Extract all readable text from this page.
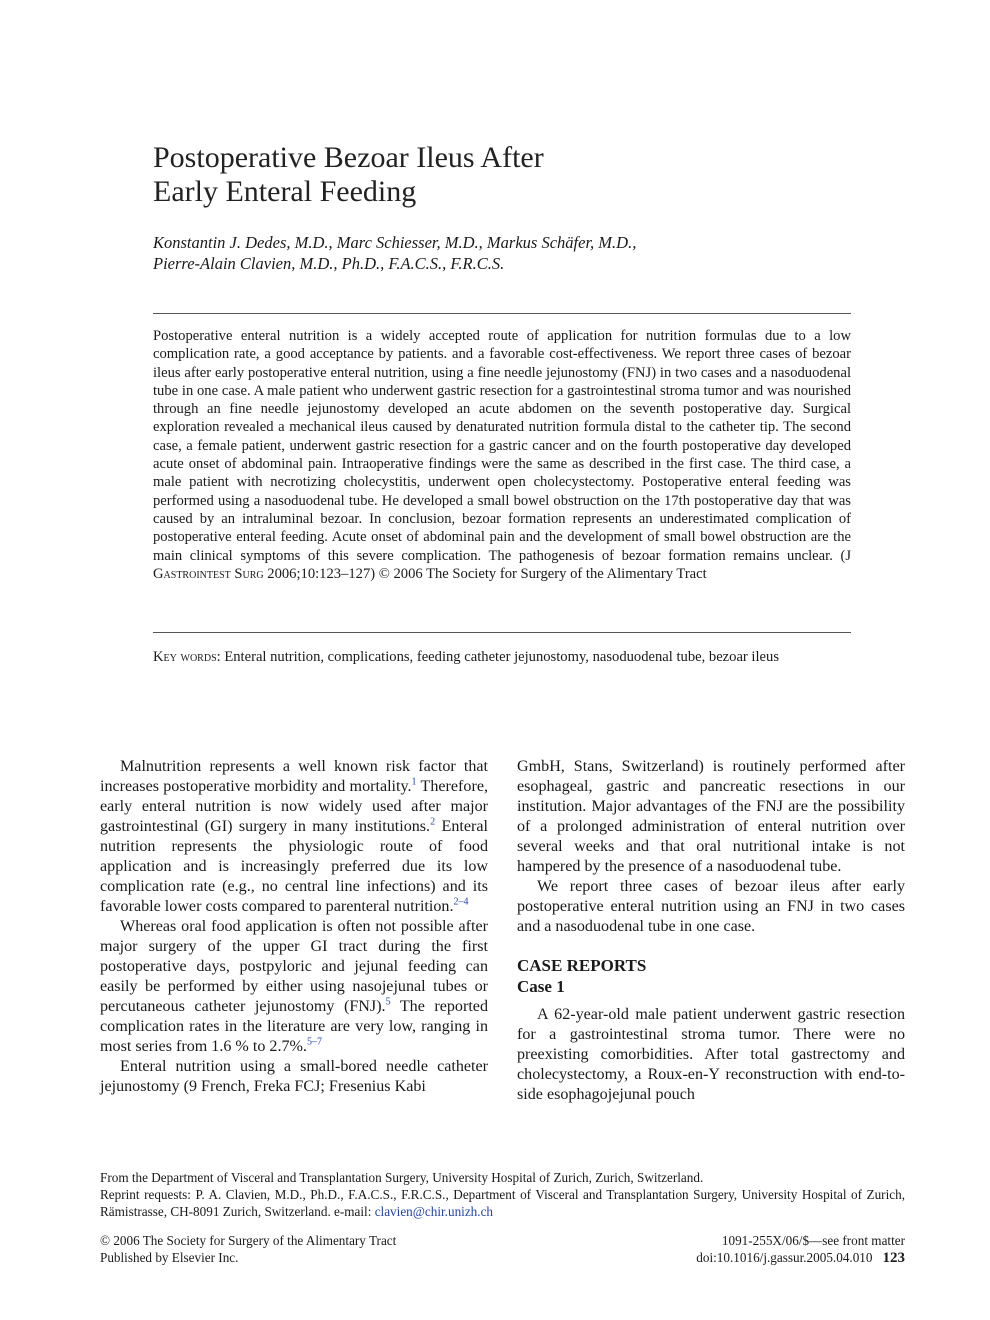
Postoperative Bezoar Ileus After
Early Enteral Feeding
Konstantin J. Dedes, M.D., Marc Schiesser, M.D., Markus Schäfer, M.D.,
Pierre-Alain Clavien, M.D., Ph.D., F.A.C.S., F.R.C.S.
Postoperative enteral nutrition is a widely accepted route of application for nutrition formulas due to a low complication rate, a good acceptance by patients. and a favorable cost-effectiveness. We report three cases of bezoar ileus after early postoperative enteral nutrition, using a fine needle jejunostomy (FNJ) in two cases and a nasoduodenal tube in one case. A male patient who underwent gastric resection for a gastrointestinal stroma tumor and was nourished through an fine needle jejunostomy developed an acute abdomen on the seventh postoperative day. Surgical exploration revealed a mechanical ileus caused by denaturated nutrition formula distal to the catheter tip. The second case, a female patient, underwent gastric resection for a gastric cancer and on the fourth postoperative day developed acute onset of abdominal pain. Intraoperative findings were the same as described in the first case. The third case, a male patient with necrotizing cholecystitis, underwent open cholecystectomy. Postoperative enteral feeding was performed using a nasoduodenal tube. He developed a small bowel obstruction on the 17th postoperative day that was caused by an intraluminal bezoar. In conclusion, bezoar formation represents an underestimated complication of postoperative enteral feeding. Acute onset of abdominal pain and the development of small bowel obstruction are the main clinical symptoms of this severe complication. The pathogenesis of bezoar formation remains unclear. (J Gastrointest Surg 2006;10:123–127) © 2006 The Society for Surgery of the Alimentary Tract
Key words: Enteral nutrition, complications, feeding catheter jejunostomy, nasoduodenal tube, bezoar ileus

Malnutrition represents a well known risk factor that increases postoperative morbidity and mortality.$^1$ Therefore, early enteral nutrition is now widely used after major gastrointestinal (GI) surgery in many institutions.$^2$ Enteral nutrition represents the physiologic route of food application and is increasingly preferred due its low complication rate (e.g., no central line infections) and its favorable lower costs compared to parenteral nutrition.$^{2-4}$

Whereas oral food application is often not possible after major surgery of the upper GI tract during the first postoperative days, postpyloric and jejunal feeding can easily be performed by either using nasojejunal tubes or percutaneous catheter jejunostomy (FNJ).$^5$ The reported complication rates in the literature are very low, ranging in most series from 1.6 % to 2.7%.$^{5-7}$

Enteral nutrition using a small-bored needle catheter jejunostomy (9 French, Freka FCJ; Fresenius Kabi

GmbH, Stans, Switzerland) is routinely performed after esophageal, gastric and pancreatic resections in our institution. Major advantages of the FNJ are the possibility of a prolonged administration of enteral nutrition over several weeks and that oral nutritional intake is not hampered by the presence of a nasoduodenal tube.

We report three cases of bezoar ileus after early postoperative enteral nutrition using an FNJ in two cases and a nasoduodenal tube in one case.

CASE REPORTS
Case 1

A 62-year-old male patient underwent gastric resection for a gastrointestinal stroma tumor. There were no preexisting comorbidities. After total gastrectomy and cholecystectomy, a Roux-en-Y reconstruction with end-to-side esophagojejunal pouch

From the Department of Visceral and Transplantation Surgery, University Hospital of Zurich, Zurich, Switzerland.
Reprint requests: P. A. Clavien, M.D., Ph.D., F.A.C.S., F.R.C.S., Department of Visceral and Transplantation Surgery, University Hospital of Zurich, Rämistrasse, CH-8091 Zurich, Switzerland. e-mail: clavien@chir.unizh.ch
© 2006 The Society for Surgery of the Alimentary Tract
Published by Elsevier Inc.
1091-255X/06/$—see front matter
doi:10.1016/j.gassur.2005.04.010 123
